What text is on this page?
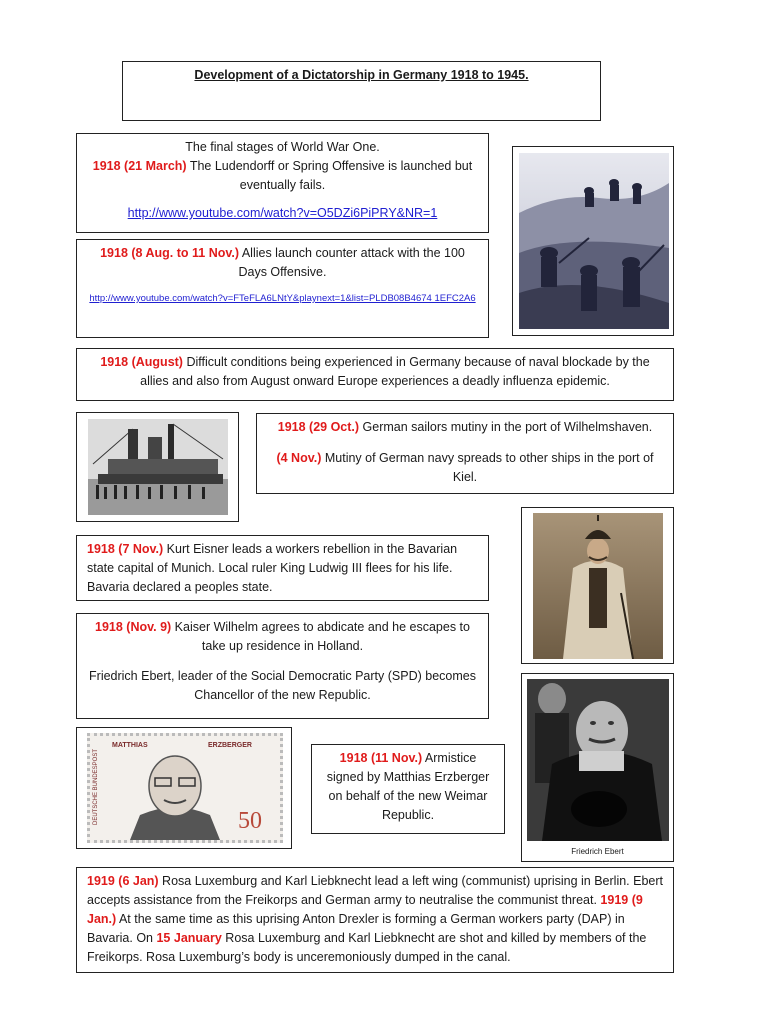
Development of a Dictatorship in Germany 1918 to 1945.

The final stages of World War One.

1918 (21 March) The Ludendorff or Spring Offensive is launched but eventually fails.

http://www.youtube.com/watch?v=O5DZi6PiPRY&NR=1

1918 (8 Aug. to 11 Nov.) Allies launch counter attack with the 100 Days Offensive.

http://www.youtube.com/watch?v=FTeFLA6LNtY&playnext=1&list=PLDB08B4674 1EFC2A6

1918 (August) Difficult conditions being experienced in Germany because of naval blockade by the allies and also from August onward Europe experiences a deadly influenza epidemic.

1918 (29 Oct.) German sailors mutiny in the port of Wilhelmshaven.

(4 Nov.) Mutiny of German navy spreads to other ships in the port of Kiel.

1918 (7 Nov.) Kurt Eisner leads a workers rebellion in the Bavarian state capital of Munich. Local ruler King Ludwig III flees for his life. Bavaria declared a peoples state.

1918 (Nov. 9) Kaiser Wilhelm agrees to abdicate and he escapes to take up residence in Holland.

Friedrich Ebert, leader of the Social Democratic Party (SPD) becomes Chancellor of the new Republic.

Friedrich Ebert
MATTHIAS	ERZBERGER
DEUTSCHE BUNDESPOST	50

1918 (11 Nov.) Armistice signed by Matthias Erzberger on behalf of the new Weimar Republic.

1919 (6 Jan) Rosa Luxemburg and Karl Liebknecht lead a left wing (communist) uprising in Berlin. Ebert accepts assistance from the Freikorps and German army to neutralise the communist threat. 1919 (9 Jan.) At the same time as this uprising Anton Drexler is forming a German workers party (DAP) in Bavaria. On 15 January Rosa Luxemburg and Karl Liebknecht are shot and killed by members of the Freikorps. Rosa Luxemburg’s body is unceremoniously dumped in the canal.
